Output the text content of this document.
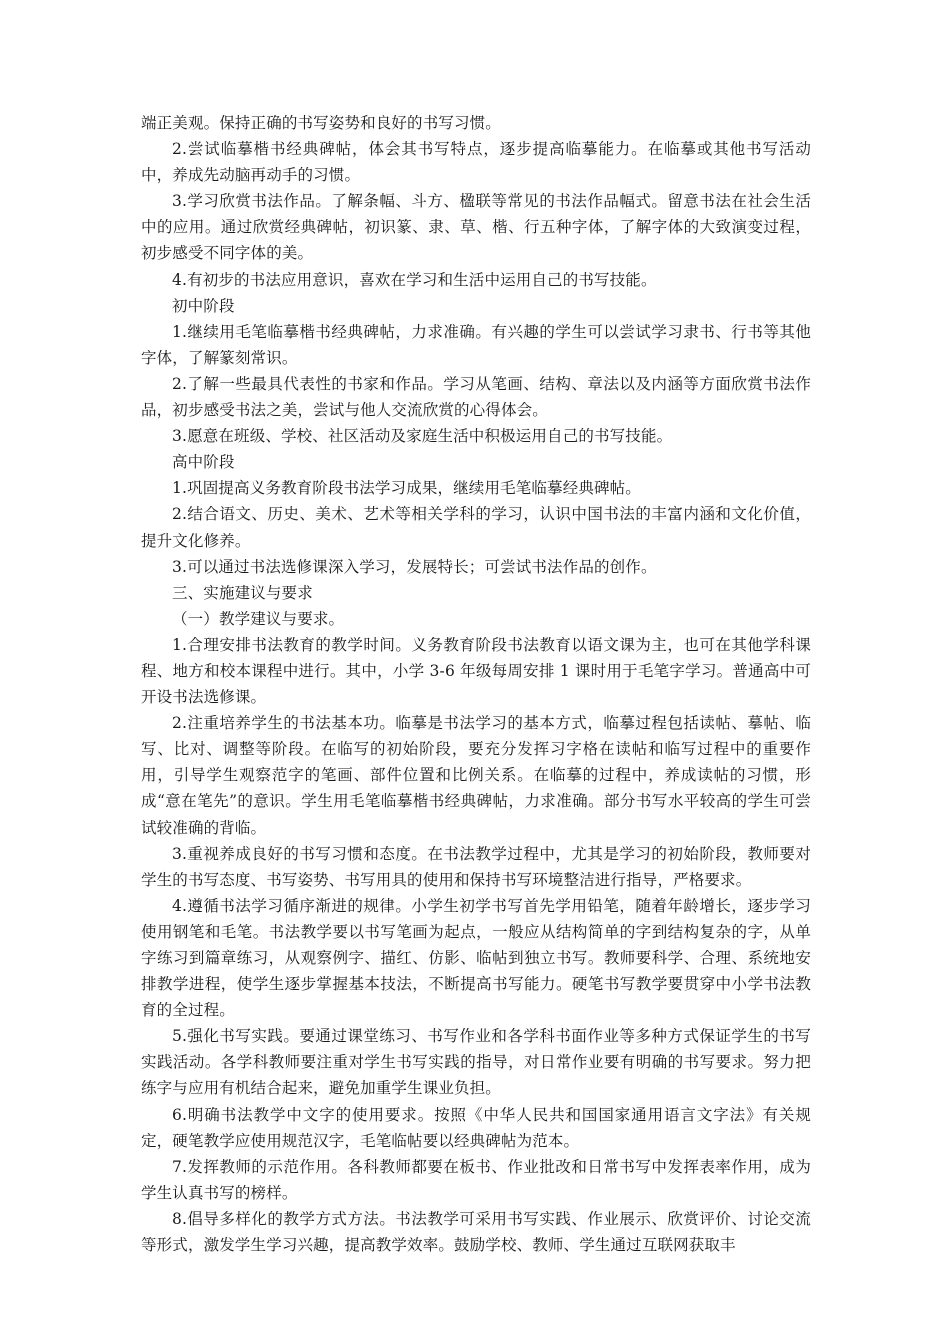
端正美观。保持正确的书写姿势和良好的书写习惯。

2.尝试临摹楷书经典碑帖，体会其书写特点，逐步提高临摹能力。在临摹或其他书写活动中，养成先动脑再动手的习惯。

3.学习欣赏书法作品。了解条幅、斗方、楹联等常见的书法作品幅式。留意书法在社会生活中的应用。通过欣赏经典碑帖，初识篆、隶、草、楷、行五种字体，了解字体的大致演变过程，初步感受不同字体的美。

4.有初步的书法应用意识，喜欢在学习和生活中运用自己的书写技能。

初中阶段

1.继续用毛笔临摹楷书经典碑帖，力求准确。有兴趣的学生可以尝试学习隶书、行书等其他字体，了解篆刻常识。

2.了解一些最具代表性的书家和作品。学习从笔画、结构、章法以及内涵等方面欣赏书法作品，初步感受书法之美，尝试与他人交流欣赏的心得体会。

3.愿意在班级、学校、社区活动及家庭生活中积极运用自己的书写技能。

高中阶段

1.巩固提高义务教育阶段书法学习成果，继续用毛笔临摹经典碑帖。

2.结合语文、历史、美术、艺术等相关学科的学习，认识中国书法的丰富内涵和文化价值，提升文化修养。

3.可以通过书法选修课深入学习，发展特长；可尝试书法作品的创作。

三、实施建议与要求

（一）教学建议与要求。

1.合理安排书法教育的教学时间。义务教育阶段书法教育以语文课为主，也可在其他学科课程、地方和校本课程中进行。其中，小学 3-6 年级每周安排 1 课时用于毛笔字学习。普通高中可开设书法选修课。

2.注重培养学生的书法基本功。临摹是书法学习的基本方式，临摹过程包括读帖、摹帖、临写、比对、调整等阶段。在临写的初始阶段，要充分发挥习字格在读帖和临写过程中的重要作用，引导学生观察范字的笔画、部件位置和比例关系。在临摹的过程中，养成读帖的习惯，形成“意在笔先”的意识。学生用毛笔临摹楷书经典碑帖，力求准确。部分书写水平较高的学生可尝试较准确的背临。

3.重视养成良好的书写习惯和态度。在书法教学过程中，尤其是学习的初始阶段，教师要对学生的书写态度、书写姿势、书写用具的使用和保持书写环境整洁进行指导，严格要求。

4.遵循书法学习循序渐进的规律。小学生初学书写首先学用铅笔，随着年龄增长，逐步学习使用钢笔和毛笔。书法教学要以书写笔画为起点，一般应从结构简单的字到结构复杂的字，从单字练习到篇章练习，从观察例字、描红、仿影、临帖到独立书写。教师要科学、合理、系统地安排教学进程，使学生逐步掌握基本技法，不断提高书写能力。硬笔书写教学要贯穿中小学书法教育的全过程。

5.强化书写实践。要通过课堂练习、书写作业和各学科书面作业等多种方式保证学生的书写实践活动。各学科教师要注重对学生书写实践的指导，对日常作业要有明确的书写要求。努力把练字与应用有机结合起来，避免加重学生课业负担。

6.明确书法教学中文字的使用要求。按照《中华人民共和国国家通用语言文字法》有关规定，硬笔教学应使用规范汉字，毛笔临帖要以经典碑帖为范本。

7.发挥教师的示范作用。各科教师都要在板书、作业批改和日常书写中发挥表率作用，成为学生认真书写的榜样。

8.倡导多样化的教学方式方法。书法教学可采用书写实践、作业展示、欣赏评价、讨论交流等形式，激发学生学习兴趣，提高教学效率。鼓励学校、教师、学生通过互联网获取丰
